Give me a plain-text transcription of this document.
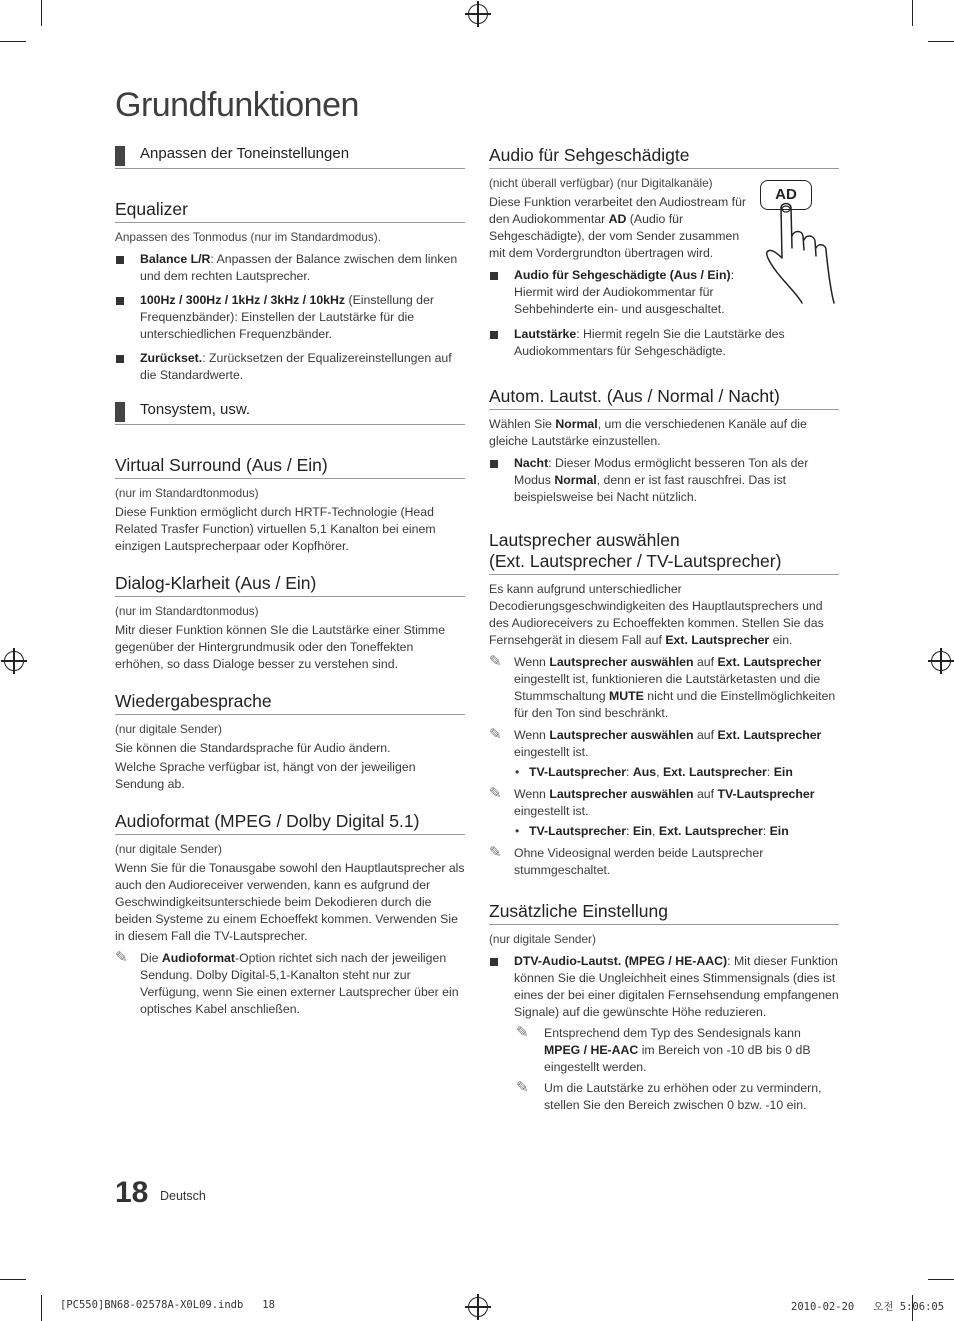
Grundfunktionen
Anpassen der Toneinstellungen
Equalizer

Anpassen des Tonmodus (nur im Standardmodus).

Balance L/R: Anpassen der Balance zwischen dem linken und dem rechten Lautsprecher.
100Hz / 300Hz / 1kHz / 3kHz / 10kHz (Einstellung der Frequenzbänder): Einstellen der Lautstärke für die unterschiedlichen Frequenzbänder.
Zurückset.: Zurücksetzen der Equalizereinstellungen auf die Standardwerte.
Tonsystem, usw.
Virtual Surround (Aus / Ein)

(nur im Standardtonmodus)

Diese Funktion ermöglicht durch HRTF-Technologie (Head Related Trasfer Function) virtuellen 5,1 Kanalton bei einem einzigen Lautsprecherpaar oder Kopfhörer.

Dialog-Klarheit (Aus / Ein)

(nur im Standardtonmodus)

Mitr dieser Funktion können SIe die Lautstärke einer Stimme gegenüber der Hintergrundmusik oder den Toneffekten erhöhen, so dass Dialoge besser zu verstehen sind.

Wiedergabesprache

(nur digitale Sender)

Sie können die Standardsprache für Audio ändern.

Welche Sprache verfügbar ist, hängt von der jeweiligen Sendung ab.

Audioformat (MPEG / Dolby Digital 5.1)

(nur digitale Sender)

Wenn Sie für die Tonausgabe sowohl den Hauptlautsprecher als auch den Audioreceiver verwenden, kann es aufgrund der Geschwindigkeitsunterschiede beim Dekodieren durch die beiden Systeme zu einem Echoeffekt kommen. Verwenden Sie in diesem Fall die TV-Lautsprecher.

✎ Die Audioformat-Option richtet sich nach der jeweiligen Sendung. Dolby Digital-5,1-Kanalton steht nur zur Verfügung, wenn Sie einen externer Lautsprecher über ein optisches Kabel anschließen.
Audio für Sehgeschädigte

(nicht überall verfügbar) (nur Digitalkanäle)

Diese Funktion verarbeitet den Audiostream für den Audiokommentar AD (Audio für Sehgeschädigte), der vom Sender zusammen mit dem Vordergrundton übertragen wird.

Audio für Sehgeschädigte (Aus / Ein): Hiermit wird der Audiokommentar für Sehbehinderte ein- und ausgeschaltet.
Lautstärke: Hiermit regeln Sie die Lautstärke des Audiokommentars für Sehgeschädigte.
Autom. Lautst. (Aus / Normal / Nacht)

Wählen Sie Normal, um die verschiedenen Kanäle auf die gleiche Lautstärke einzustellen.

Nacht: Dieser Modus ermöglicht besseren Ton als der Modus Normal, denn er ist fast rauschfrei. Das ist beispielsweise bei Nacht nützlich.
Lautsprecher auswählen
(Ext. Lautsprecher / TV-Lautsprecher)

Es kann aufgrund unterschiedlicher Decodierungsgeschwindigkeiten des Hauptlautsprechers und des Audioreceivers zu Echoeffekten kommen. Stellen Sie das Fernsehgerät in diesem Fall auf Ext. Lautsprecher ein.

✎ Wenn Lautsprecher auswählen auf Ext. Lautsprecher eingestellt ist, funktionieren die Lautstärketasten und die Stummschaltung MUTE nicht und die Einstellmöglichkeiten für den Ton sind beschränkt.
✎ Wenn Lautsprecher auswählen auf Ext. Lautsprecher eingestellt ist.
• TV-Lautsprecher: Aus, Ext. Lautsprecher: Ein
✎ Wenn Lautsprecher auswählen auf TV-Lautsprecher eingestellt ist.
• TV-Lautsprecher: Ein, Ext. Lautsprecher: Ein
✎ Ohne Videosignal werden beide Lautsprecher stummgeschaltet.
Zusätzliche Einstellung

(nur digitale Sender)

DTV-Audio-Lautst. (MPEG / HE-AAC): Mit dieser Funktion können Sie die Ungleichheit eines Stimmensignals (dies ist eines der bei einer digitalen Fernsehsendung empfangenen Signale) auf die gewünschte Höhe reduzieren.
✎ Entsprechend dem Typ des Sendesignals kann MPEG / HE-AAC im Bereich von -10 dB bis 0 dB eingestellt werden.
✎ Um die Lautstärke zu erhöhen oder zu vermindern, stellen Sie den Bereich zwischen 0 bzw. -10 ein.
AD
18 Deutsch
[PC550]BN68-02578A-X0L09.indb   18	2010-02-20   오전 5:06:05
